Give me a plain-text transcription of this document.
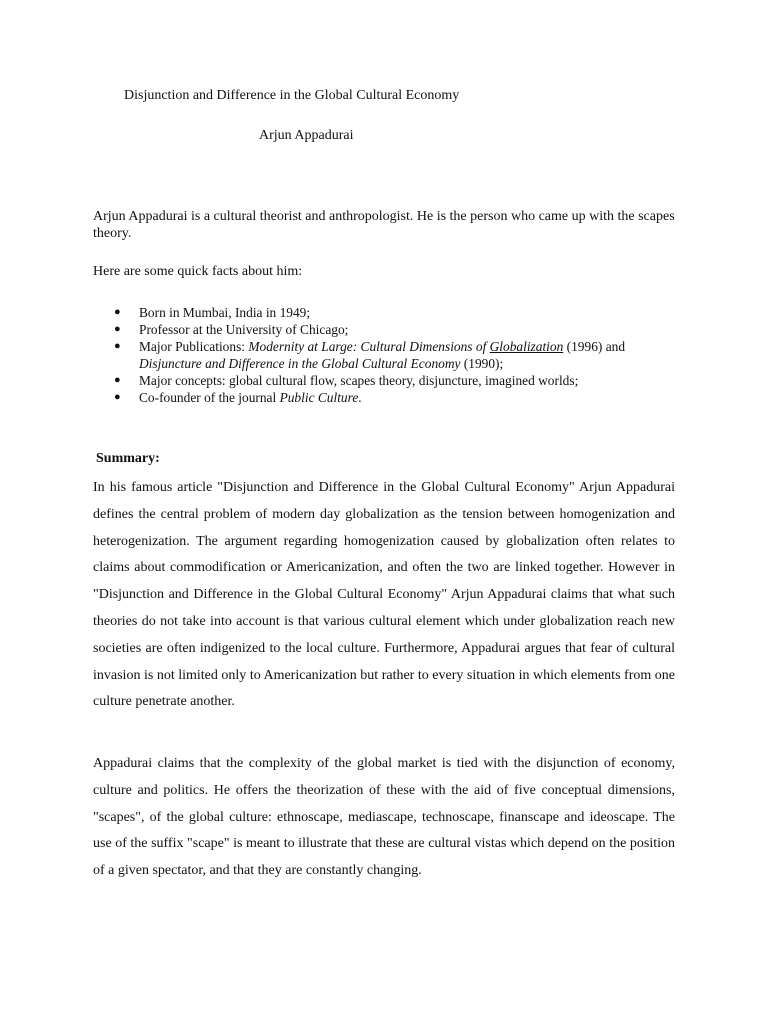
Disjunction and Difference in the Global Cultural Economy
Arjun Appadurai
Arjun Appadurai is a cultural theorist and anthropologist. He is the person who came up with the scapes theory.
Here are some quick facts about him:
● Born in Mumbai, India in 1949;
● Professor at the University of Chicago;
● Major Publications: Modernity at Large: Cultural Dimensions of Globalization (1996) and Disjuncture and Difference in the Global Cultural Economy (1990);
● Major concepts: global cultural flow, scapes theory, disjuncture, imagined worlds;
● Co-founder of the journal Public Culture.
Summary:

In his famous article "Disjunction and Difference in the Global Cultural Economy" Arjun Appadurai defines the central problem of modern day globalization as the tension between homogenization and heterogenization. The argument regarding homogenization caused by globalization often relates to claims about commodification or Americanization, and often the two are linked together. However in "Disjunction and Difference in the Global Cultural Economy" Arjun Appadurai claims that what such theories do not take into account is that various cultural element which under globalization reach new societies are often indigenized to the local culture. Furthermore, Appadurai argues that fear of cultural invasion is not limited only to Americanization but rather to every situation in which elements from one culture penetrate another.

Appadurai claims that the complexity of the global market is tied with the disjunction of economy, culture and politics. He offers the theorization of these with the aid of five conceptual dimensions, "scapes", of the global culture: ethnoscape, mediascape, technoscape, finanscape and ideoscape. The use of the suffix "scape" is meant to illustrate that these are cultural vistas which depend on the position of a given spectator, and that they are constantly changing.
